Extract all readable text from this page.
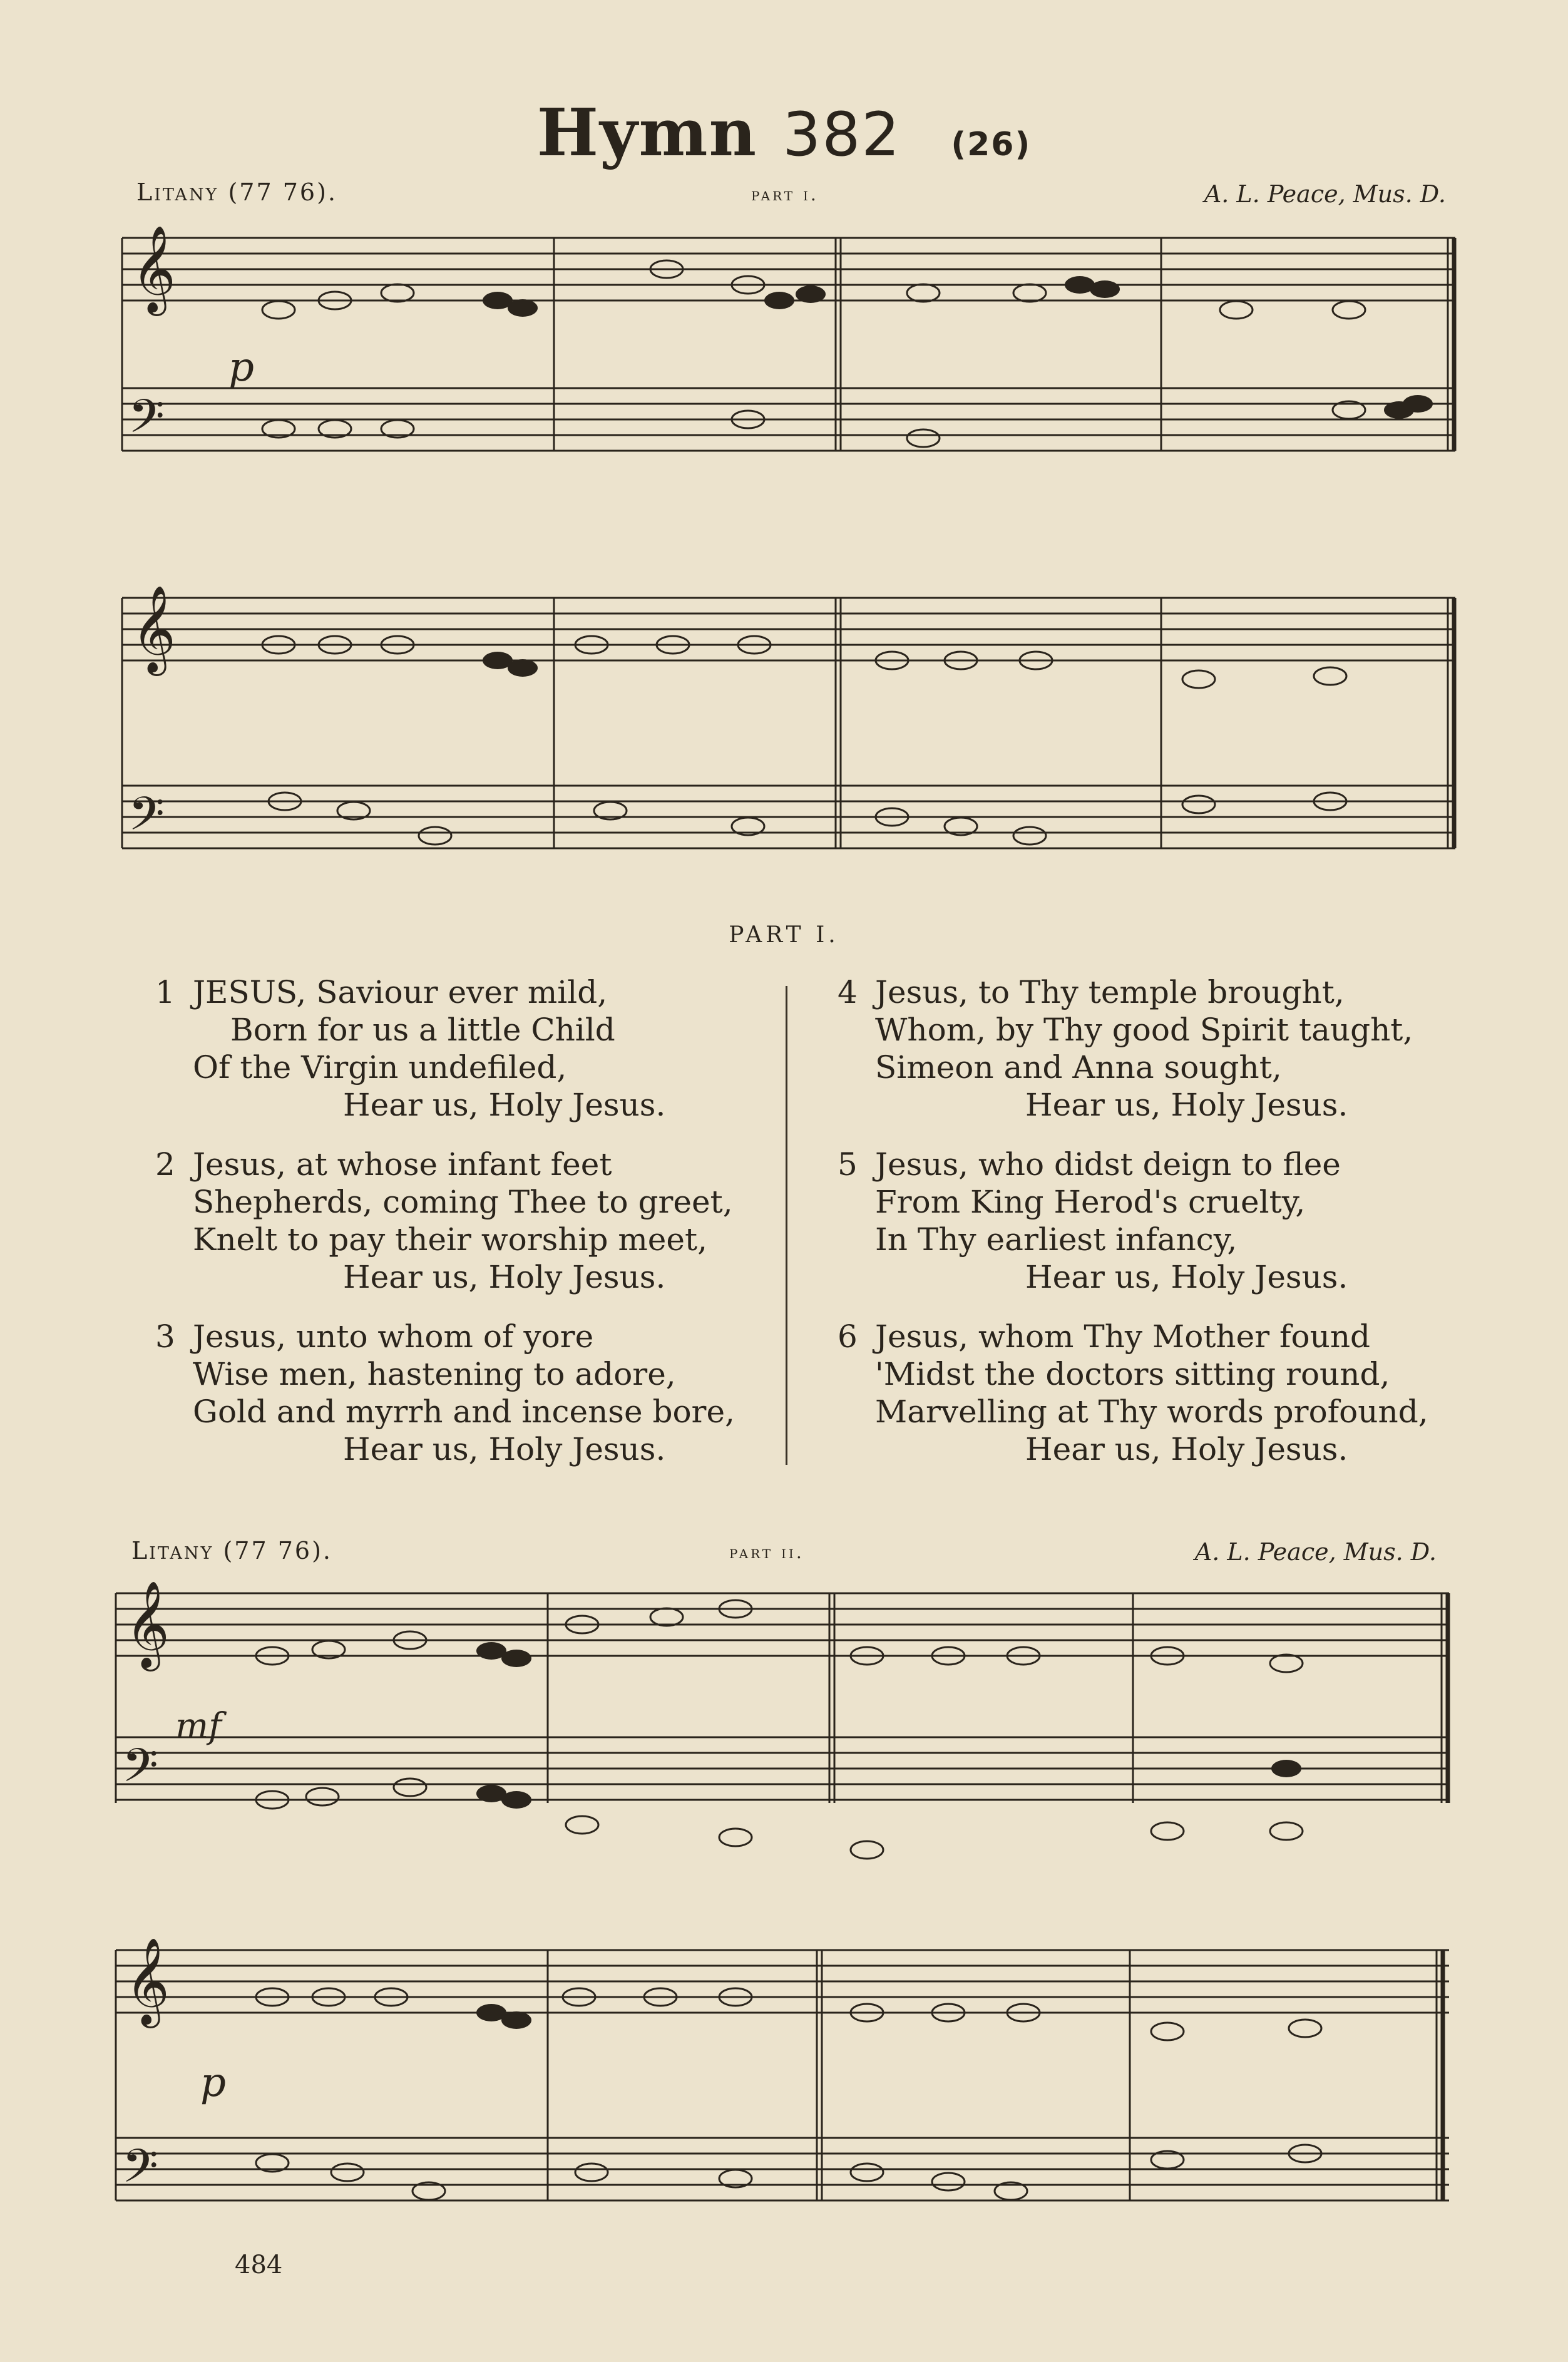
Hymn 382 (26)
Litany (77 76).	part i.	A. L. Peace, Mus. D.
𝄞
𝄢
𝄞
𝄢
𝄞
𝄢
𝄞
𝄢
p
PART I.
1 JESUS, Saviour ever mild,
Born for us a little Child
Of the Virgin undefiled,
Hear us, Holy Jesus.
2 Jesus, at whose infant feet
Shepherds, coming Thee to greet,
Knelt to pay their worship meet,
Hear us, Holy Jesus.
3 Jesus, unto whom of yore
Wise men, hastening to adore,
Gold and myrrh and incense bore,
Hear us, Holy Jesus.
4 Jesus, to Thy temple brought,
Whom, by Thy good Spirit taught,
Simeon and Anna sought,
Hear us, Holy Jesus.
5 Jesus, who didst deign to flee
From King Herod's cruelty,
In Thy earliest infancy,
Hear us, Holy Jesus.
6 Jesus, whom Thy Mother found
'Midst the doctors sitting round,
Marvelling at Thy words profound,
Hear us, Holy Jesus.
Litany (77 76).	part ii.	A. L. Peace, Mus. D.
mf
p
484
